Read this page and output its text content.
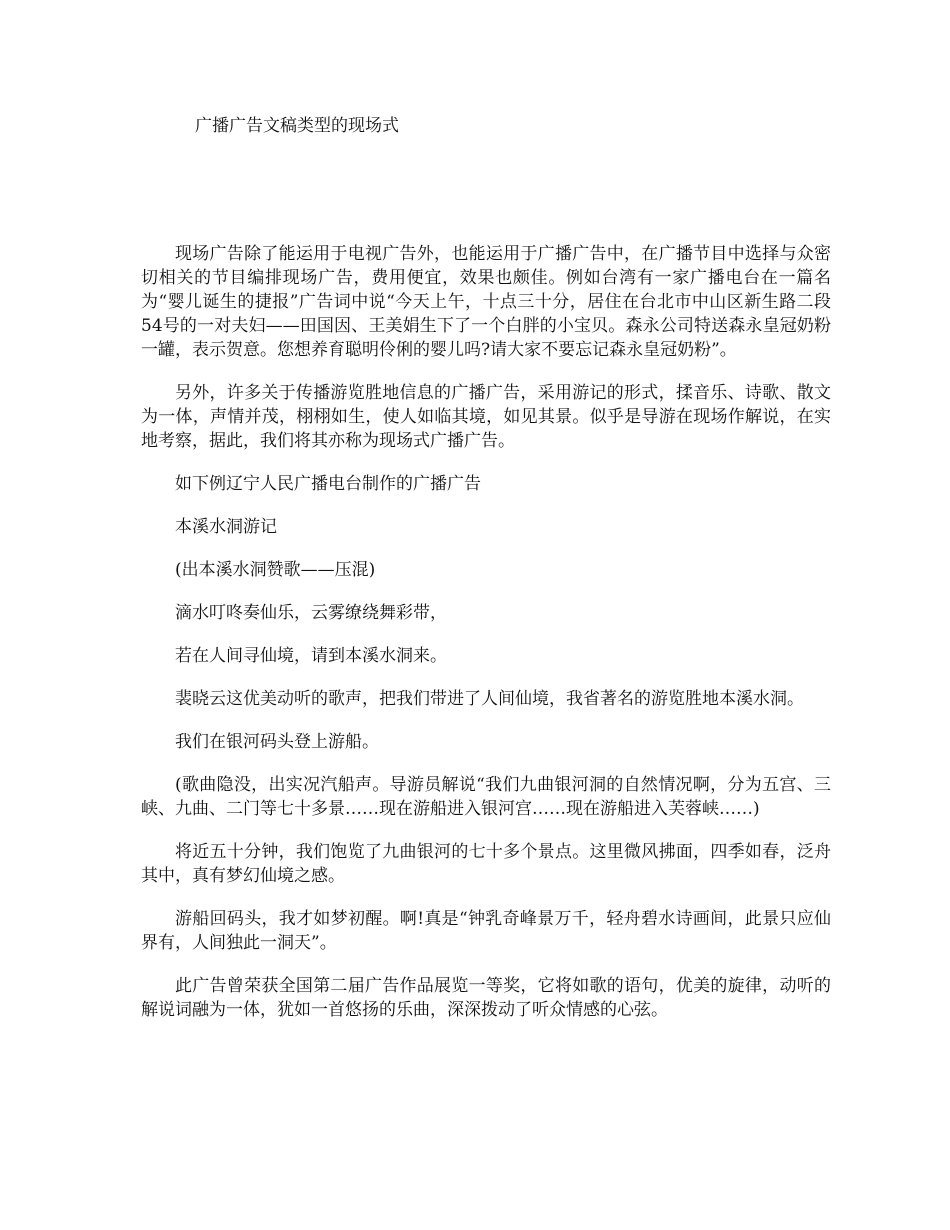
广播广告文稿类型的现场式

现场广告除了能运用于电视广告外，也能运用于广播广告中，在广播节目中选择与众密切相关的节目编排现场广告，费用便宜，效果也颇佳。例如台湾有一家广播电台在一篇名为“婴儿诞生的捷报”广告词中说“今天上午，十点三十分，居住在台北市中山区新生路二段54号的一对夫妇——田国因、王美娟生下了一个白胖的小宝贝。森永公司特送森永皇冠奶粉一罐，表示贺意。您想养育聪明伶俐的婴儿吗?请大家不要忘记森永皇冠奶粉”。

另外，许多关于传播游览胜地信息的广播广告，采用游记的形式，揉音乐、诗歌、散文为一体，声情并茂，栩栩如生，使人如临其境，如见其景。似乎是导游在现场作解说，在实地考察，据此，我们将其亦称为现场式广播广告。

如下例辽宁人民广播电台制作的广播广告

本溪水洞游记

(出本溪水洞赞歌——压混)

滴水叮咚奏仙乐，云雾缭绕舞彩带，

若在人间寻仙境，请到本溪水洞来。

裴晓云这优美动听的歌声，把我们带进了人间仙境，我省著名的游览胜地本溪水洞。

我们在银河码头登上游船。

(歌曲隐没，出实况汽船声。导游员解说“我们九曲银河洞的自然情况啊，分为五宫、三峡、九曲、二门等七十多景……现在游船进入银河宫……现在游船进入芙蓉峡……)

将近五十分钟，我们饱览了九曲银河的七十多个景点。这里微风拂面，四季如春，泛舟其中，真有梦幻仙境之感。

游船回码头，我才如梦初醒。啊!真是“钟乳奇峰景万千，轻舟碧水诗画间，此景只应仙界有，人间独此一洞天”。

此广告曾荣获全国第二届广告作品展览一等奖，它将如歌的语句，优美的旋律，动听的解说词融为一体，犹如一首悠扬的乐曲，深深拨动了听众情感的心弦。
